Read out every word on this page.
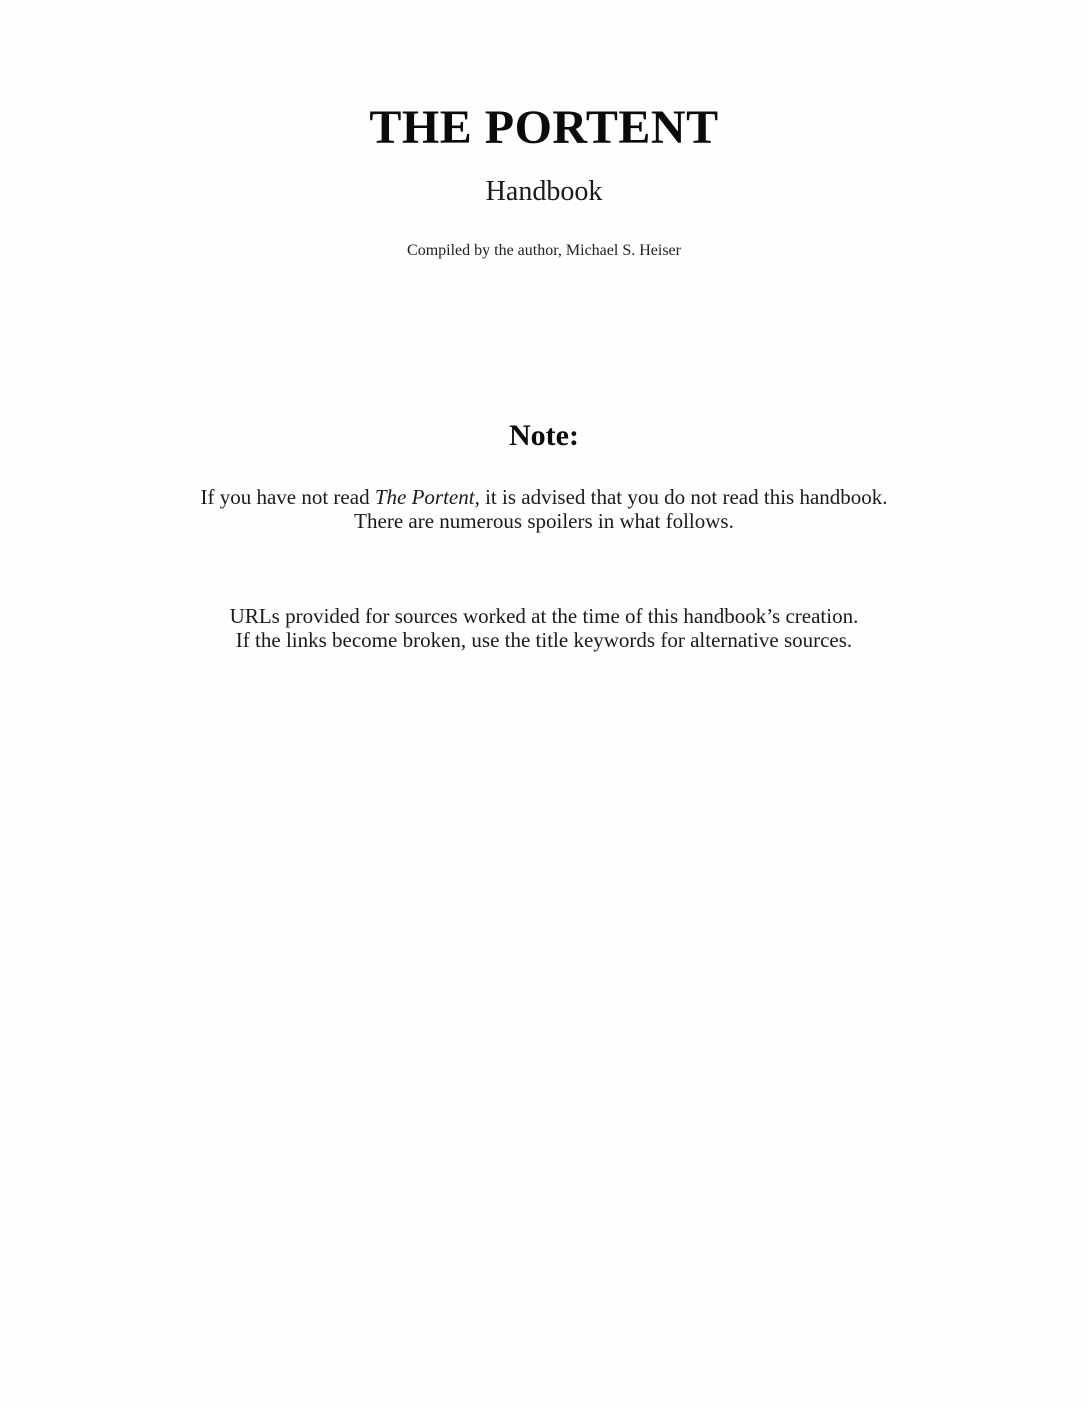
THE PORTENT
Handbook
Compiled by the author, Michael S. Heiser
Note:
If you have not read The Portent, it is advised that you do not read this handbook.
There are numerous spoilers in what follows.
URLs provided for sources worked at the time of this handbook’s creation.
If the links become broken, use the title keywords for alternative sources.
